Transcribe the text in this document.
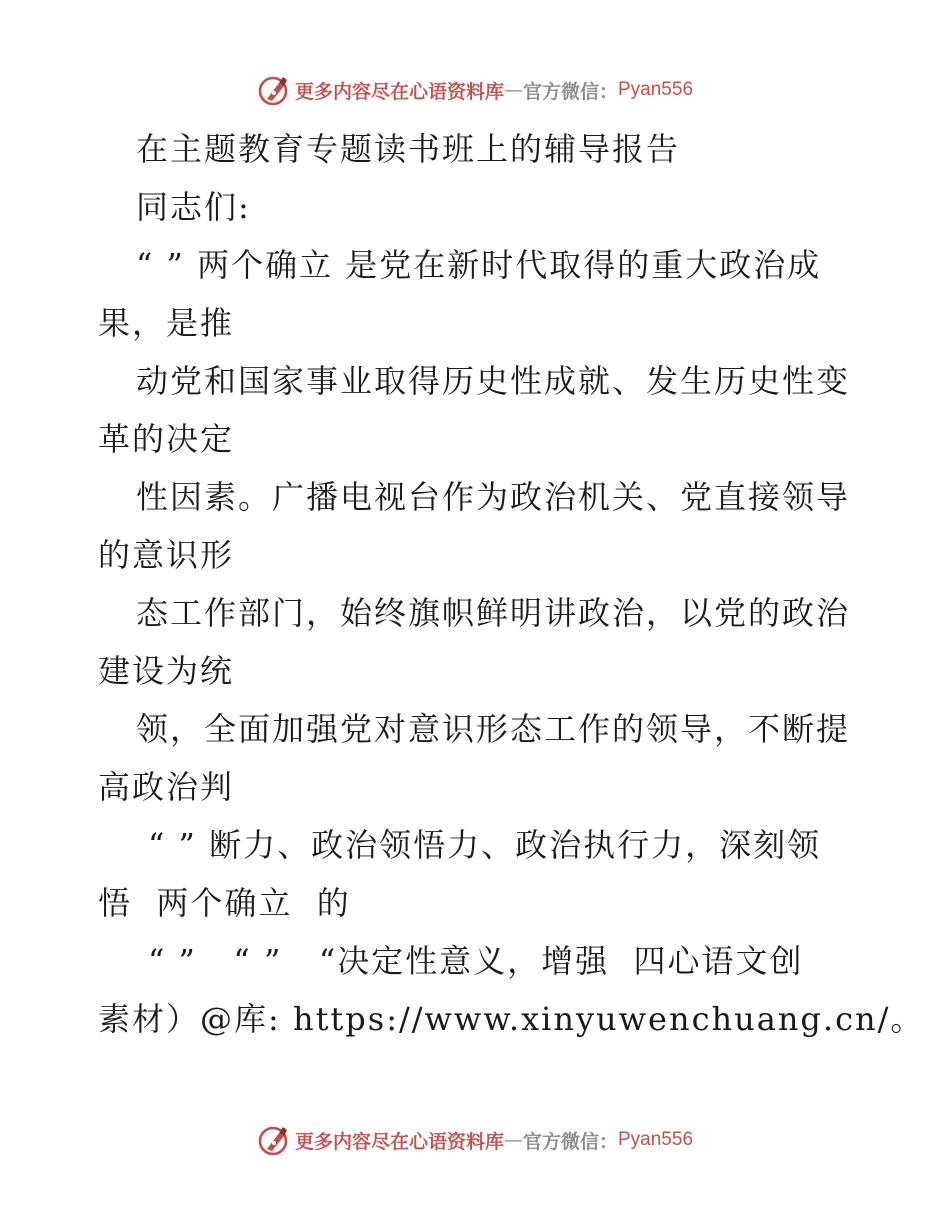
更多内容尽在心语资料库 — 官方微信： Pyan556
在主题教育专题读书班上的辅导报告
同志们:
“ ” 两个确立 是党在新时代取得的重大政治成
果，是推
动党和国家事业取得历史性成就、发生历史性变
革的决定
性因素。广播电视台作为政治机关、党直接领导
的意识形
态工作部门，始终旗帜鲜明讲政治，以党的政治
建设为统
领，全面加强党对意识形态工作的领导，不断提
高政治判
“ ” 断力、政治领悟力、政治执行力，深刻领
悟  两个确立  的
“ ”   “ ”   “决定性意义，增强  四心语文创
素材）@库: https://www.xinyuwenchuang.cn/。
更多内容尽在心语资料库 — 官方微信： Pyan556
